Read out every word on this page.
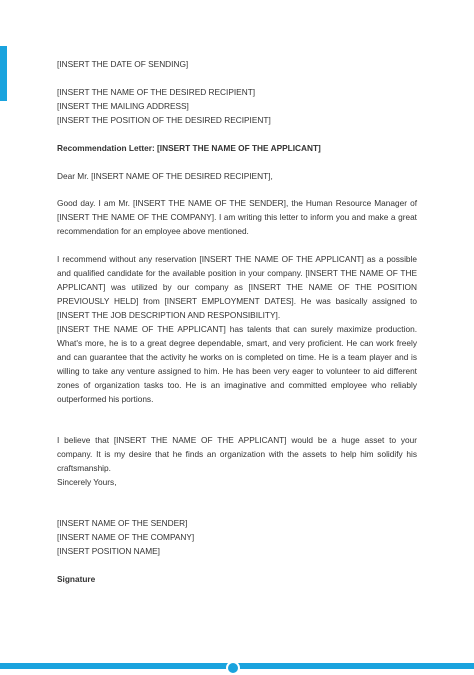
[INSERT THE DATE OF SENDING]
[INSERT THE NAME OF THE DESIRED RECIPIENT]
[INSERT THE MAILING ADDRESS]
[INSERT THE POSITION OF THE DESIRED RECIPIENT]
Recommendation Letter: [INSERT THE NAME OF THE APPLICANT]
Dear Mr. [INSERT NAME OF THE DESIRED RECIPIENT],

Good day. I am Mr. [INSERT THE NAME OF THE SENDER], the Human Resource Manager of [INSERT THE NAME OF THE COMPANY]. I am writing this letter to inform you and make a great recommendation for an employee above mentioned.

I recommend without any reservation [INSERT THE NAME OF THE APPLICANT] as a possible and qualified candidate for the available position in your company. [INSERT THE NAME OF THE APPLICANT] was utilized by our company as [INSERT THE NAME OF THE POSITION PREVIOUSLY HELD] from [INSERT EMPLOYMENT DATES]. He was basically assigned to [INSERT THE JOB DESCRIPTION AND RESPONSIBILITY].

[INSERT THE NAME OF THE APPLICANT] has talents that can surely maximize production. What's more, he is to a great degree dependable, smart, and very proficient. He can work freely and can guarantee that the activity he works on is completed on time. He is a team player and is willing to take any venture assigned to him. He has been very eager to volunteer to aid different zones of organization tasks too. He is an imaginative and committed employee who reliably outperformed his portions.

I believe that [INSERT THE NAME OF THE APPLICANT] would be a huge asset to your company. It is my desire that he finds an organization with the assets to help him solidify his craftsmanship.

Sincerely Yours,
[INSERT NAME OF THE SENDER]
[INSERT NAME OF THE COMPANY]
[INSERT POSITION NAME]
Signature
